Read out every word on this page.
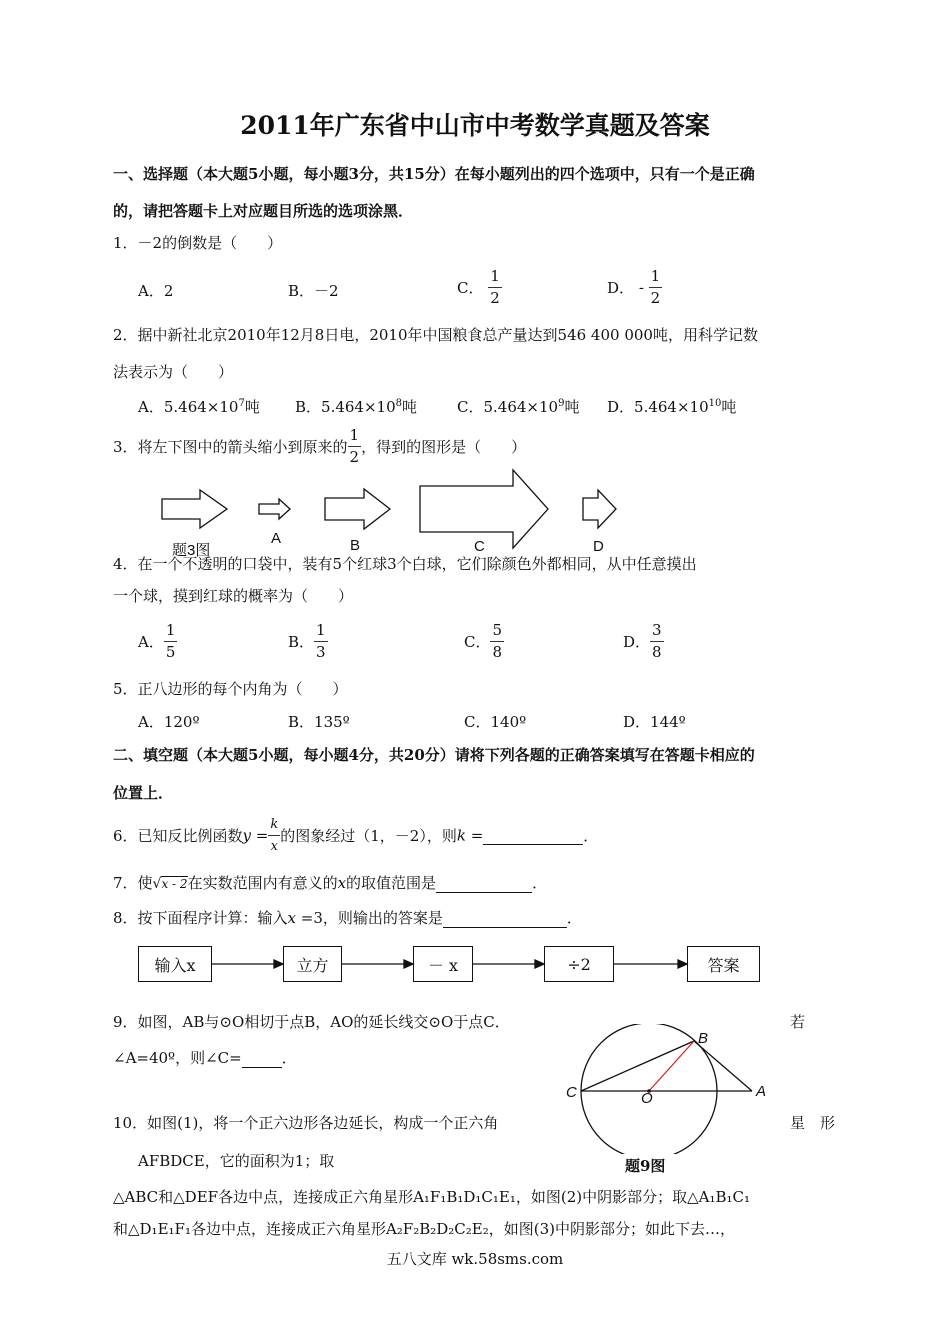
2011年广东省中山市中考数学真题及答案
一、选择题（本大题5小题，每小题3分，共15分）在每小题列出的四个选项中，只有一个是正确
的，请把答题卡上对应题目所选的选项涂黑．
1．－2的倒数是（　　）
A．2	B．－2	C． $\frac{1}{2}$	D． - $\frac{1}{2}$
2．据中新社北京2010年12月8日电，2010年中国粮食总产量达到546 400 000吨，用科学记数
法表示为（　　）
A．$5.464\times 10^7$吨 B．$5.464\times 10^8$吨	C．$5.464\times 10^9$吨 D．$5.464\times 10^{10}$吨
3．将左下图中的箭头缩小到原来的 $\frac{1}{2}$ ，得到的图形是（　　）
题3图
A	B	C	D
4．在一个不透明的口袋中，装有5个红球3个白球，它们除颜色外都相同，从中任意摸出
一个球，摸到红球的概率为（　　）
A． $\frac{1}{5}$	B． $\frac{1}{3}$	C． $\frac{5}{8}$	D． $\frac{3}{8}$
5．正八边形的每个内角为（　　）
A．120º	B．135º	C．140º	D．144º
二、填空题（本大题5小题，每小题4分，共20分）请将下列各题的正确答案填写在答题卡相应的
位置上．
6．已知反比例函数$y = \frac{k}{x}$ 的图象经过（1，－2），则k =	．
7．使√x - 2在实数范围内有意义的x的取值范围是	．
8．按下面程序计算：输入x =3，则输出的答案是	．
输入x	立方	－ x	÷2	答案
9．如图，AB与⊙O相切于点B，AO的延长线交⊙O于点C．	若
∠A=40º，则∠C=	．
B
C	O	A
题9图
10．如图(1)，将一个正六边形各边延长，构成一个正六角	星　形
AFBDCE，它的面积为1；取
△ABC和△DEF各边中点，连接成正六角星形A₁F₁B₁D₁C₁E₁，如图(2)中阴影部分；取△A₁B₁C₁
和△D₁E₁F₁各边中点，连接成正六角星形A₂F₂B₂D₂C₂E₂，如图(3)中阴影部分；如此下去…，
五八文库 wk.58sms.com
